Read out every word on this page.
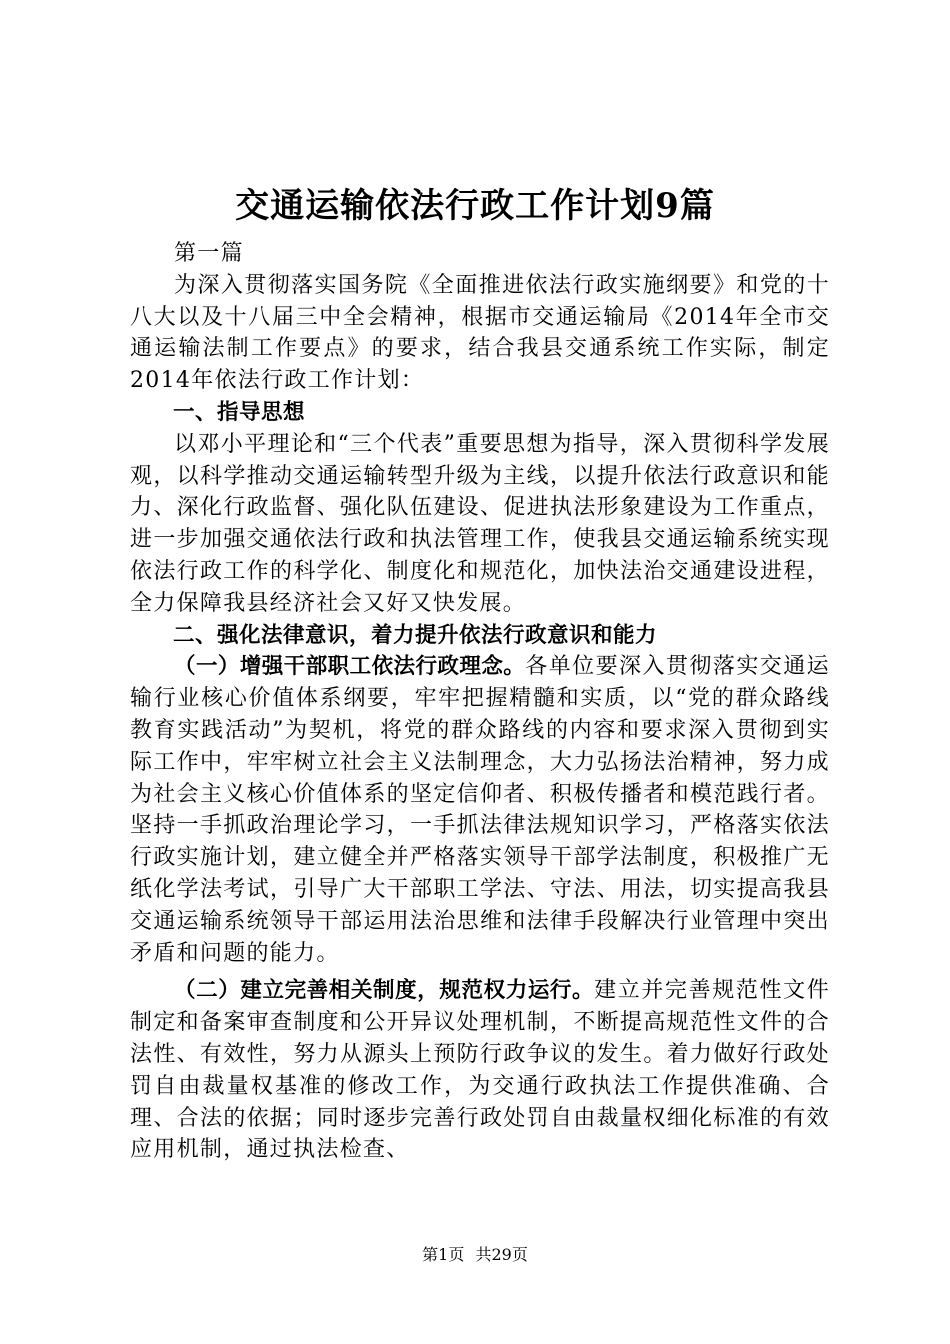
交通运输依法行政工作计划9篇

第一篇

为深入贯彻落实国务院《全面推进依法行政实施纲要》和党的十八大以及十八届三中全会精神，根据市交通运输局《2014年全市交通运输法制工作要点》的要求，结合我县交通系统工作实际，制定2014年依法行政工作计划：

一、指导思想

以邓小平理论和“三个代表”重要思想为指导，深入贯彻科学发展观，以科学推动交通运输转型升级为主线，以提升依法行政意识和能力、深化行政监督、强化队伍建设、促进执法形象建设为工作重点，进一步加强交通依法行政和执法管理工作，使我县交通运输系统实现依法行政工作的科学化、制度化和规范化，加快法治交通建设进程，全力保障我县经济社会又好又快发展。

二、强化法律意识，着力提升依法行政意识和能力

（一）增强干部职工依法行政理念。各单位要深入贯彻落实交通运输行业核心价值体系纲要，牢牢把握精髓和实质，以“党的群众路线教育实践活动”为契机，将党的群众路线的内容和要求深入贯彻到实际工作中，牢牢树立社会主义法制理念，大力弘扬法治精神，努力成为社会主义核心价值体系的坚定信仰者、积极传播者和模范践行者。坚持一手抓政治理论学习，一手抓法律法规知识学习，严格落实依法行政实施计划，建立健全并严格落实领导干部学法制度，积极推广无纸化学法考试，引导广大干部职工学法、守法、用法，切实提高我县交通运输系统领导干部运用法治思维和法律手段解决行业管理中突出矛盾和问题的能力。

（二）建立完善相关制度，规范权力运行。建立并完善规范性文件制定和备案审查制度和公开异议处理机制，不断提高规范性文件的合法性、有效性，努力从源头上预防行政争议的发生。着力做好行政处罚自由裁量权基准的修改工作，为交通行政执法工作提供准确、合理、合法的依据；同时逐步完善行政处罚自由裁量权细化标准的有效应用机制，通过执法检查、

第1页 共29页
